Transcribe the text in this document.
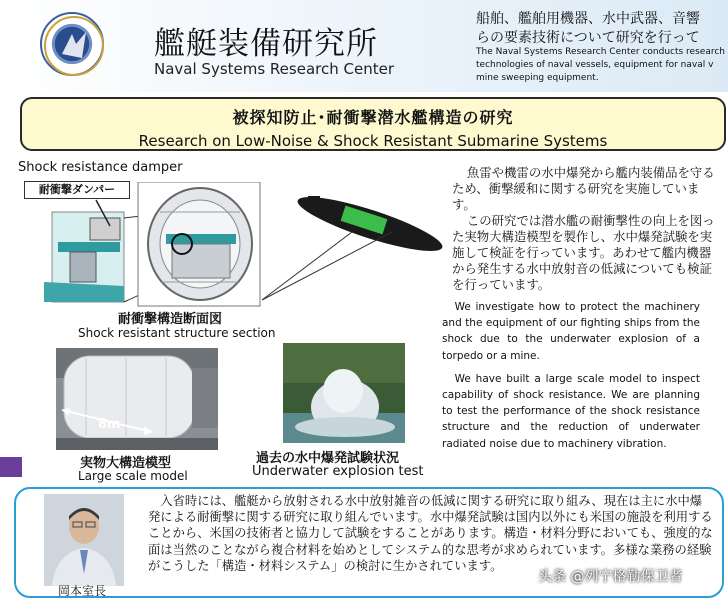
艦艇装備研究所
Naval Systems Research Center
船舶、艦舶用機器、水中武器、音響
らの要素技術について研究を行って
The Naval Systems Research Center conducts research
technologies of naval vessels, equipment for naval v
mine sweeping equipment.
被探知防止･耐衝撃潜水艦構造の研究
Research on Low-Noise & Shock Resistant Submarine Systems
Shock resistance damper
耐衝撃ダンパー
耐衝撃構造断面図
Shock resistant structure section
8m
実物大構造模型
Large scale model
過去の水中爆発試験状況
Underwater explosion test

魚雷や機雷の水中爆発から艦内装備品を守るため、衝撃緩和に関する研究を実施しています。

この研究では潜水艦の耐衝撃性の向上を図った実物大構造模型を製作し、水中爆発試験を実施して検証を行っています。あわせて艦内機器から発生する水中放射音の低減についても検証を行っています。

We investigate how to protect the machinery and the equipment of our fighting ships from the shock due to the underwater explosion of a torpedo or a mine.

We have built a large scale model to inspect capability of shock resistance. We are planning to test the performance of the shock resistance structure and the reduction of underwater radiated noise due to machinery vibration.

岡本室長

入省時には、艦艇から放射される水中放射雑音の低減に関する研究に取り組み、現在は主に水中爆発による耐衝撃に関する研究に取り組んでいます。水中爆発試験は国内以外にも米国の施設を利用することから、米国の技術者と協力して試験をすることがあります。構造・材料分野においても、強度的な面は当然のことながら複合材料を始めとしてシステム的な思考が求められています。多様な業務の経験がこうした「構造・材料システム」の検討に生かされています。

头条 @列宁格勒保卫者
